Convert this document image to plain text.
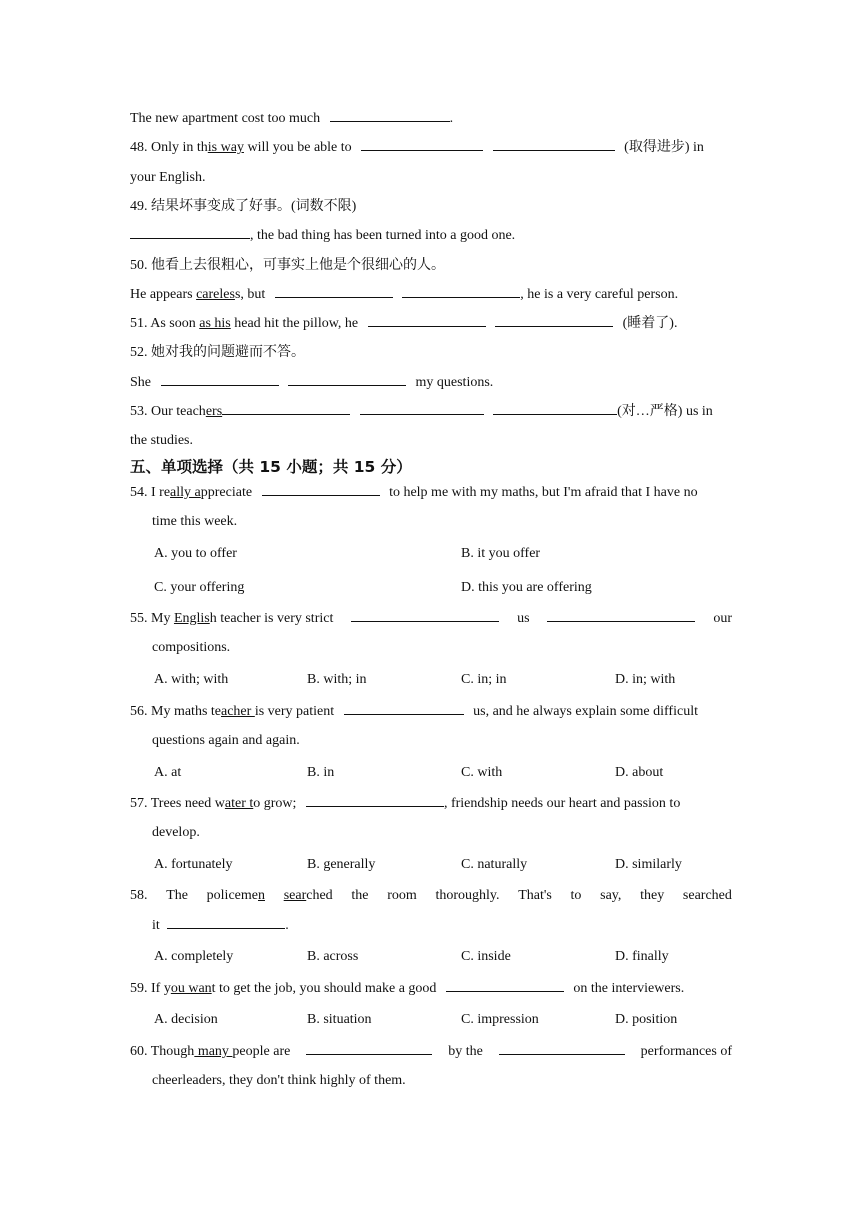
The new apartment cost too much	.
48. Only in this way will you be able to	(取得进步) in
your English.
49. 结果坏事变成了好事。(词数不限)
, the bad thing has been turned into a good one.
50. 他看上去很粗心，可事实上他是个很细心的人。
He appears careless, but	, he is a very careful person.
51. As soon as his head hit the pillow, he	(睡着了).
52. 她对我的问题避而不答。
She	my questions.
53. Our teachers	(对…严格) us in
the studies.
五、单项选择（共 15 小题；共 15 分）
54. I really appreciate	to help me with my maths, but I'm afraid that I have no
time this week.
A. you to offer	B. it you offer
C. your offering	D. this you are offering
55. My English teacher is very strict	us	our
compositions.
A. with; with	B. with; in	C. in; in	D. in; with
56. My maths teacher is very patient	us, and he always explain some difficult
questions again and again.
A. at	B. in	C. with	D. about
57. Trees need water to grow;	, friendship needs our heart and passion to
develop.
A. fortunately	B. generally	C. naturally	D. similarly
58. The policemen searched the room thoroughly. That's to say, they searched
it	.
A. completely	B. across	C. inside	D. finally
59. If you want to get the job, you should make a good	on the interviewers.
A. decision	B. situation	C. impression	D. position
60. Though many people are	by the	performances of
cheerleaders, they don't think highly of them.
